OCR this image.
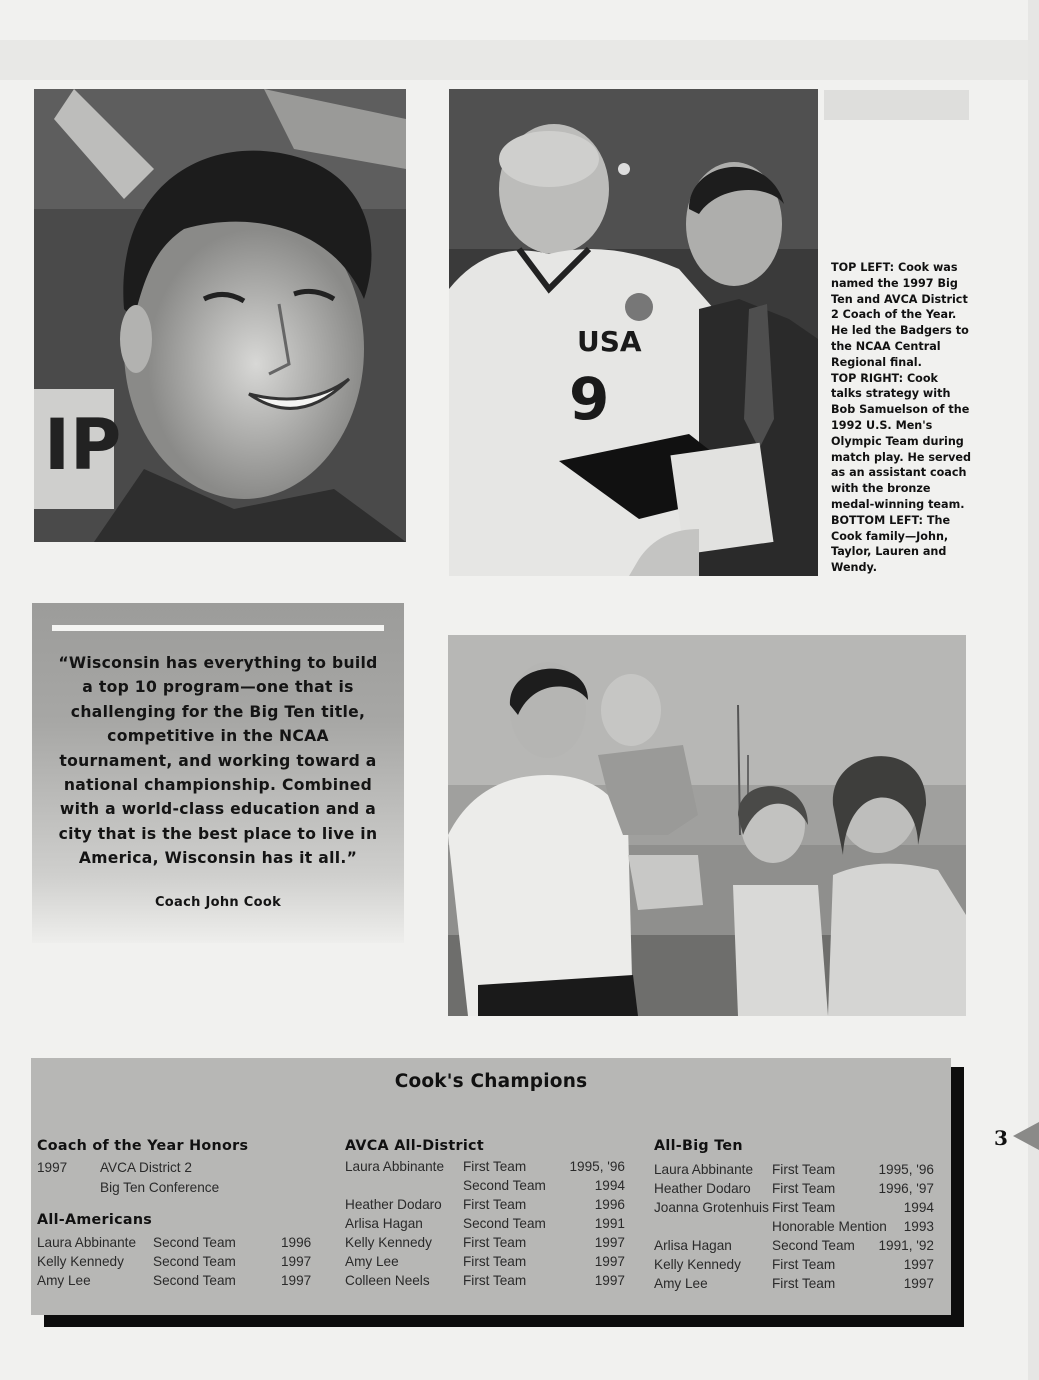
IP
USA
9

TOP LEFT: Cook was named the 1997 Big Ten and AVCA District 2 Coach of the Year. He led the Badgers to the NCAA Central Regional final.

TOP RIGHT: Cook talks strategy with Bob Samuelson of the 1992 U.S. Men's Olympic Team during match play. He served as an assistant coach with the bronze medal-winning team.

BOTTOM LEFT: The Cook family—John, Taylor, Lauren and Wendy.

“Wisconsin has everything to build a top 10 program—one that is challenging for the Big Ten title, competitive in the NCAA tournament, and working toward a national championship. Combined with a world-class education and a city that is the best place to live in America, Wisconsin has it all.”
Coach John Cook
Cook's Champions
Coach of the Year Honors
1997 AVCA District 2
Big Ten Conference
All-Americans
Laura Abbinante Second Team	1996
Kelly Kennedy Second Team	1997
Amy Lee	Second Team	1997
AVCA All-District
Laura Abbinante First Team	1995, '96
Second Team	1994
Heather Dodaro First Team	1996
Arlisa Hagan	Second Team	1991
Kelly Kennedy First Team	1997
Amy Lee	First Team	1997
Colleen Neels First Team	1997
All-Big Ten
Laura Abbinante First Team	1995, '96
Heather Dodaro First Team	1996, '97
Joanna Grotenhuis First Team	1994
Honorable Mention 1993
Arlisa Hagan	Second Team 1991, '92
Kelly Kennedy First Team	1997
Amy Lee	First Team	1997
3
